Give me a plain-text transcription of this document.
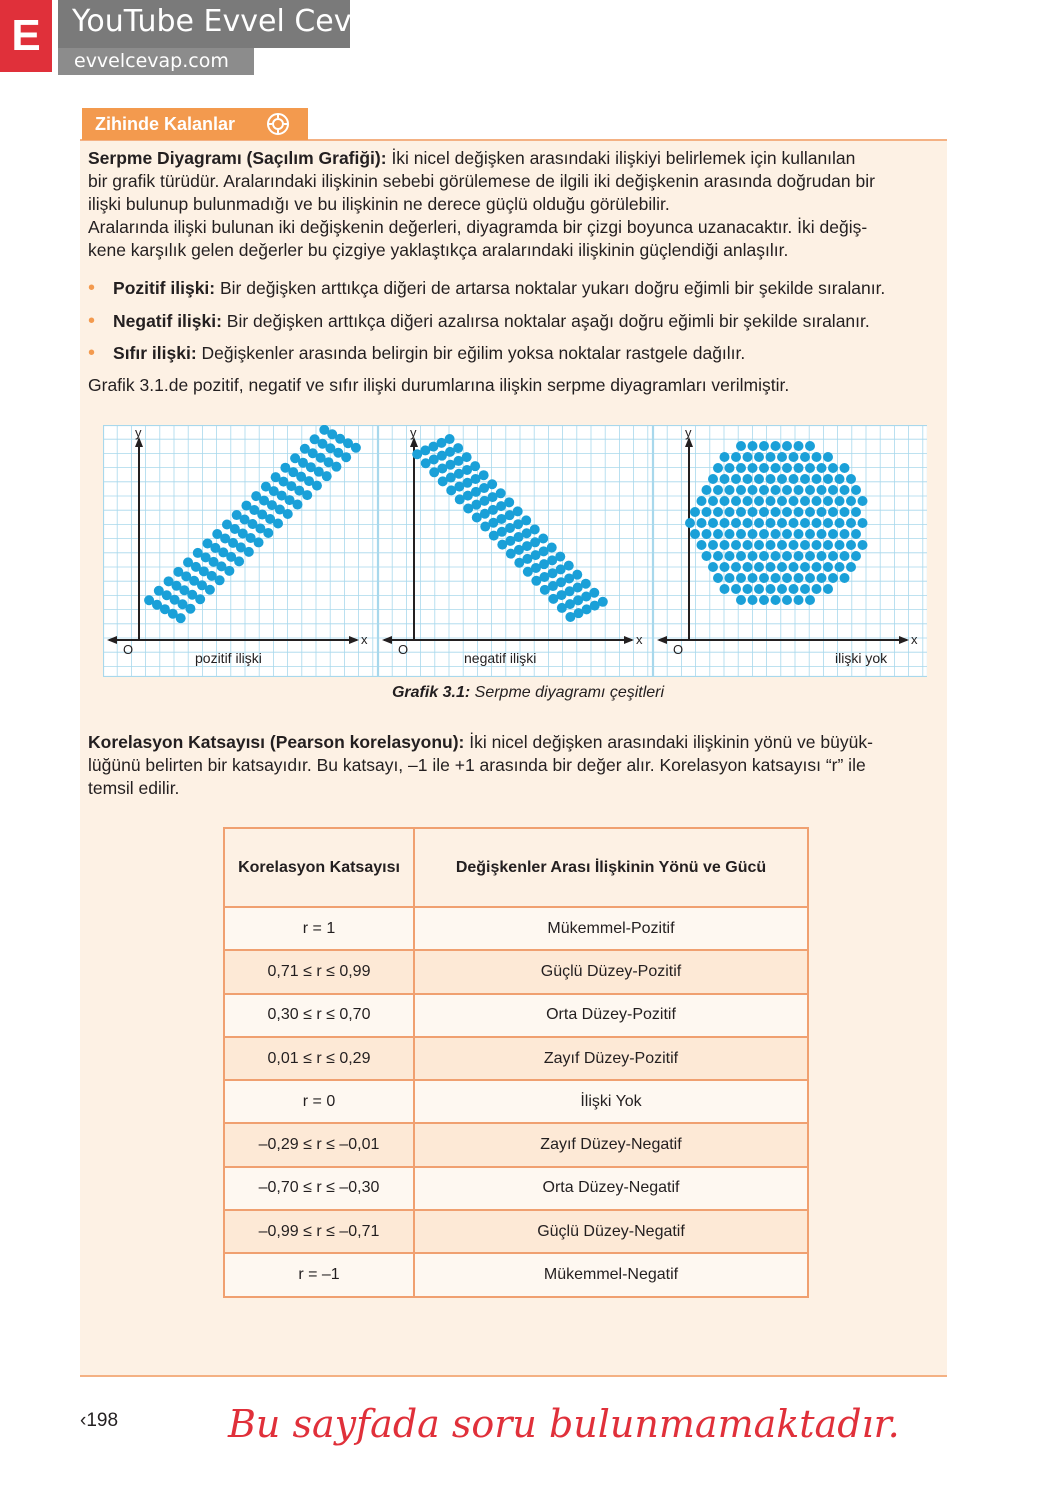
E	YouTube Evvel Cevap
evvelcevap.com
Zihinde Kalanlar
Serpme Diyagramı (Saçılım Grafiği): İki nicel değişken arasındaki ilişkiyi belirlemek için kullanılan
bir grafik türüdür. Aralarındaki ilişkinin sebebi görülemese de ilgili iki değişkenin arasında doğrudan bir
ilişki bulunup bulunmadığı ve bu ilişkinin ne derece güçlü olduğu görülebilir.
Aralarında ilişki bulunan iki değişkenin değerleri, diyagramda bir çizgi boyunca uzanacaktır. İki değiş-
kene karşılık gelen değerler bu çizgiye yaklaştıkça aralarındaki ilişkinin güçlendiği anlaşılır.
• Pozitif ilişki: Bir değişken arttıkça diğeri de artarsa noktalar yukarı doğru eğimli bir şekilde sıralanır.
• Negatif ilişki: Bir değişken arttıkça diğeri azalırsa noktalar aşağı doğru eğimli bir şekilde sıralanır.
• Sıfır ilişki: Değişkenler arasında belirgin bir eğilim yoksa noktalar rastgele dağılır.
Grafik 3.1.de pozitif, negatif ve sıfır ilişki durumlarına ilişkin serpme diyagramları verilmiştir.
y
x
O
pozitif ilişki
y
x
O
negatif ilişki
y
x
O
ilişki yok
Grafik 3.1: Serpme diyagramı çeşitleri
Korelasyon Katsayısı (Pearson korelasyonu): İki nicel değişken arasındaki ilişkinin yönü ve büyük-
lüğünü belirten bir katsayıdır. Bu katsayı, –1 ile +1 arasında bir değer alır. Korelasyon katsayısı “r” ile
temsil edilir.
Korelasyon Katsayısı	Değişkenler Arası İlişkinin Yönü ve Gücü
r = 1	Mükemmel-Pozitif
0,71 ≤ r ≤ 0,99	Güçlü Düzey-Pozitif
0,30 ≤ r ≤ 0,70	Orta Düzey-Pozitif
0,01 ≤ r ≤ 0,29	Zayıf Düzey-Pozitif
r = 0	İlişki Yok
–0,29 ≤ r ≤ –0,01	Zayıf Düzey-Negatif
–0,70 ≤ r ≤ –0,30	Orta Düzey-Negatif
–0,99 ≤ r ≤ –0,71	Güçlü Düzey-Negatif
r = –1	Mükemmel-Negatif
‹198	Bu sayfada soru bulunmamaktadır.
